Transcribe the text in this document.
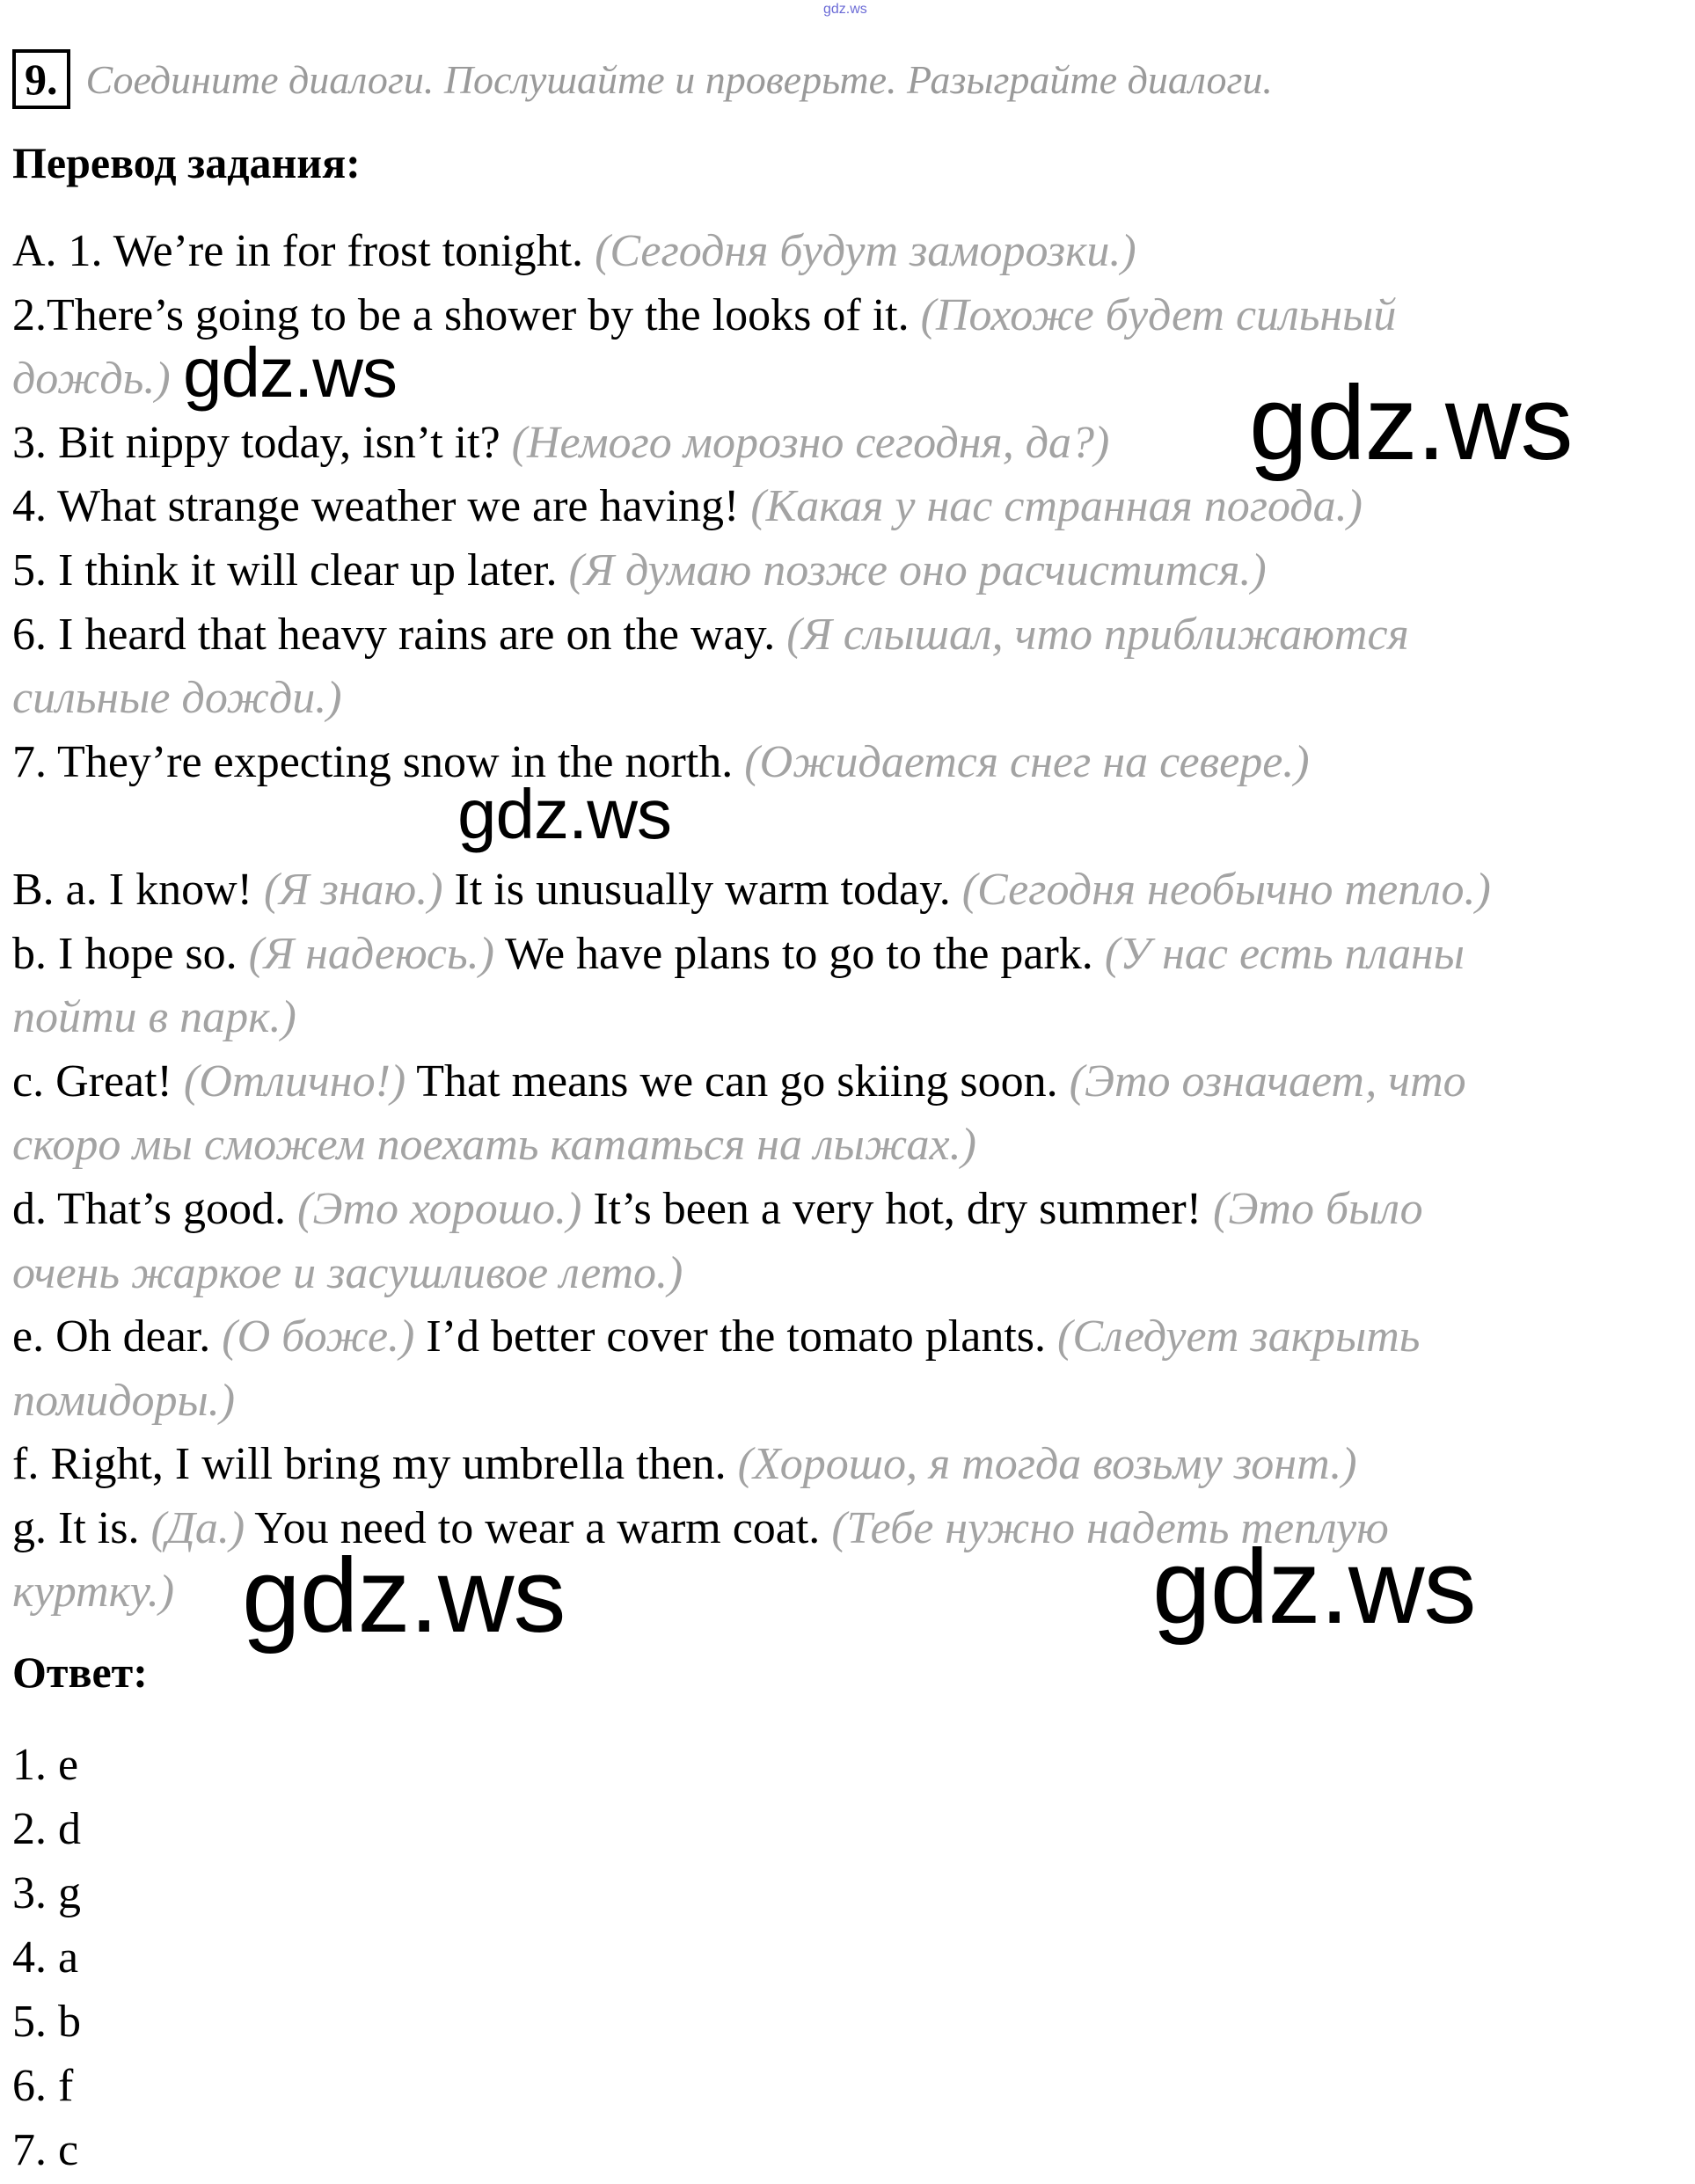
gdz.ws
9. Соедините диалоги. Послушайте и проверьте. Разыграйте диалоги.
Перевод задания:
A. 1. We’re in for frost tonight. (Сегодня будут заморозки.)
2.There’s going to be a shower by the looks of it. (Похоже будет сильный
дождь.)
3. Bit nippy today, isn’t it? (Немого морозно сегодня, да?)
4. What strange weather we are having! (Какая у нас странная погода.)
5. I think it will clear up later. (Я думаю позже оно расчистится.)
6. I heard that heavy rains are on the way. (Я слышал, что приближаются
сильные дожди.)
7. They’re expecting snow in the north. (Ожидается снег на севере.)
B. a. I know! (Я знаю.) It is unusually warm today. (Сегодня необычно тепло.)
b. I hope so. (Я надеюсь.) We have plans to go to the park. (У нас есть планы
пойти в парк.)
c. Great! (Отлично!) That means we can go skiing soon. (Это означает, что
скоро мы сможем поехать кататься на лыжах.)
d. That’s good. (Это хорошо.) It’s been a very hot, dry summer! (Это было
очень жаркое и засушливое лето.)
e. Oh dear. (О боже.) I’d better cover the tomato plants. (Следует закрыть
помидоры.)
f. Right, I will bring my umbrella then. (Хорошо, я тогда возьму зонт.)
g. It is. (Да.) You need to wear a warm coat. (Тебе нужно надеть теплую
куртку.)
Ответ:
1. e
2. d
3. g
4. a
5. b
6. f
7. c
gdz.ws	gdz.ws
gdz.ws
gdz.ws	gdz.ws
